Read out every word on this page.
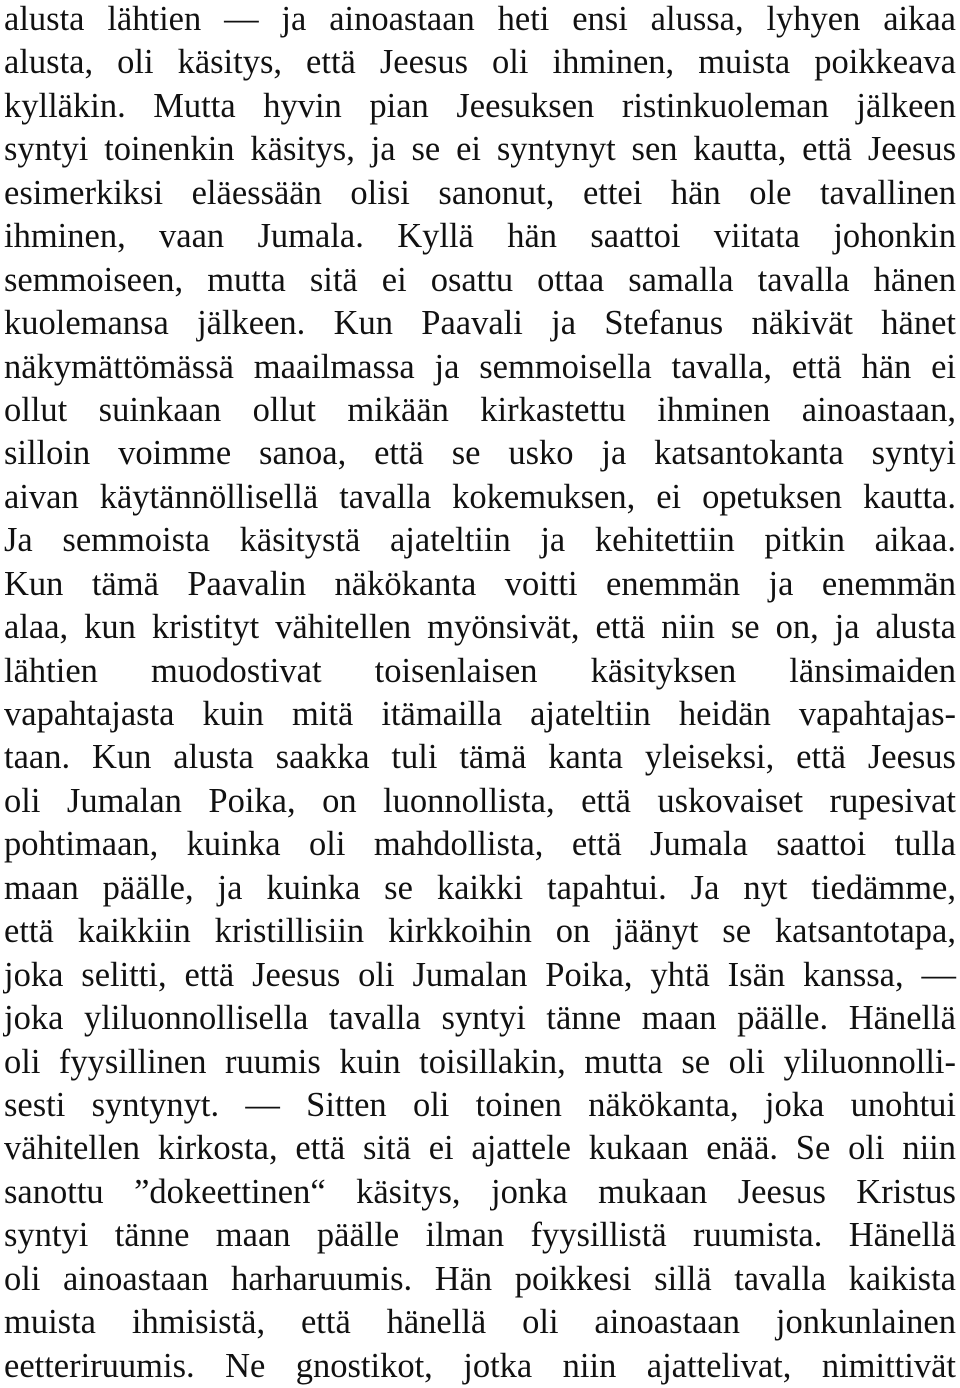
alusta lähtien — ja ainoastaan heti ensi alussa, lyhyen aikaa
alusta, oli käsitys, että Jeesus oli ihminen, muista poikkeava
kylläkin. Mutta hyvin pian Jeesuksen ristinkuoleman jälkeen
syntyi toinenkin käsitys, ja se ei syntynyt sen kautta, että Jeesus
esimerkiksi eläessään olisi sanonut, ettei hän ole tavallinen
ihminen, vaan Jumala. Kyllä hän saattoi viitata johonkin
semmoiseen, mutta sitä ei osattu ottaa samalla tavalla hänen
kuolemansa jälkeen. Kun Paavali ja Stefanus näkivät hänet
näkymättömässä maailmassa ja semmoisella tavalla, että hän ei
ollut suinkaan ollut mikään kirkastettu ihminen ainoastaan,
silloin voimme sanoa, että se usko ja katsantokanta syntyi
aivan käytännöllisellä tavalla kokemuksen, ei opetuksen kautta.
Ja semmoista käsitystä ajateltiin ja kehitettiin pitkin aikaa.
Kun tämä Paavalin näkökanta voitti enemmän ja enemmän
alaa, kun kristityt vähitellen myönsivät, että niin se on, ja alusta
lähtien muodostivat toisenlaisen käsityksen länsimaiden
vapahtajasta kuin mitä itämailla ajateltiin heidän vapahtajas-
taan. Kun alusta saakka tuli tämä kanta yleiseksi, että Jeesus
oli Jumalan Poika, on luonnollista, että uskovaiset rupesivat
pohtimaan, kuinka oli mahdollista, että Jumala saattoi tulla
maan päälle, ja kuinka se kaikki tapahtui. Ja nyt tiedämme,
että kaikkiin kristillisiin kirkkoihin on jäänyt se katsantotapa,
joka selitti, että Jeesus oli Jumalan Poika, yhtä Isän kanssa, —
joka yliluonnollisella tavalla syntyi tänne maan päälle. Hänellä
oli fyysillinen ruumis kuin toisillakin, mutta se oli yliluonnolli-
sesti syntynyt. — Sitten oli toinen näkökanta, joka unohtui
vähitellen kirkosta, että sitä ei ajattele kukaan enää. Se oli niin
sanottu ”dokeettinen“ käsitys, jonka mukaan Jeesus Kristus
syntyi tänne maan päälle ilman fyysillistä ruumista. Hänellä
oli ainoastaan harharuumis. Hän poikkesi sillä tavalla kaikista
muista ihmisistä, että hänellä oli ainoastaan jonkunlainen
eetteriruumis. Ne gnostikot, jotka niin ajattelivat, nimittivät
